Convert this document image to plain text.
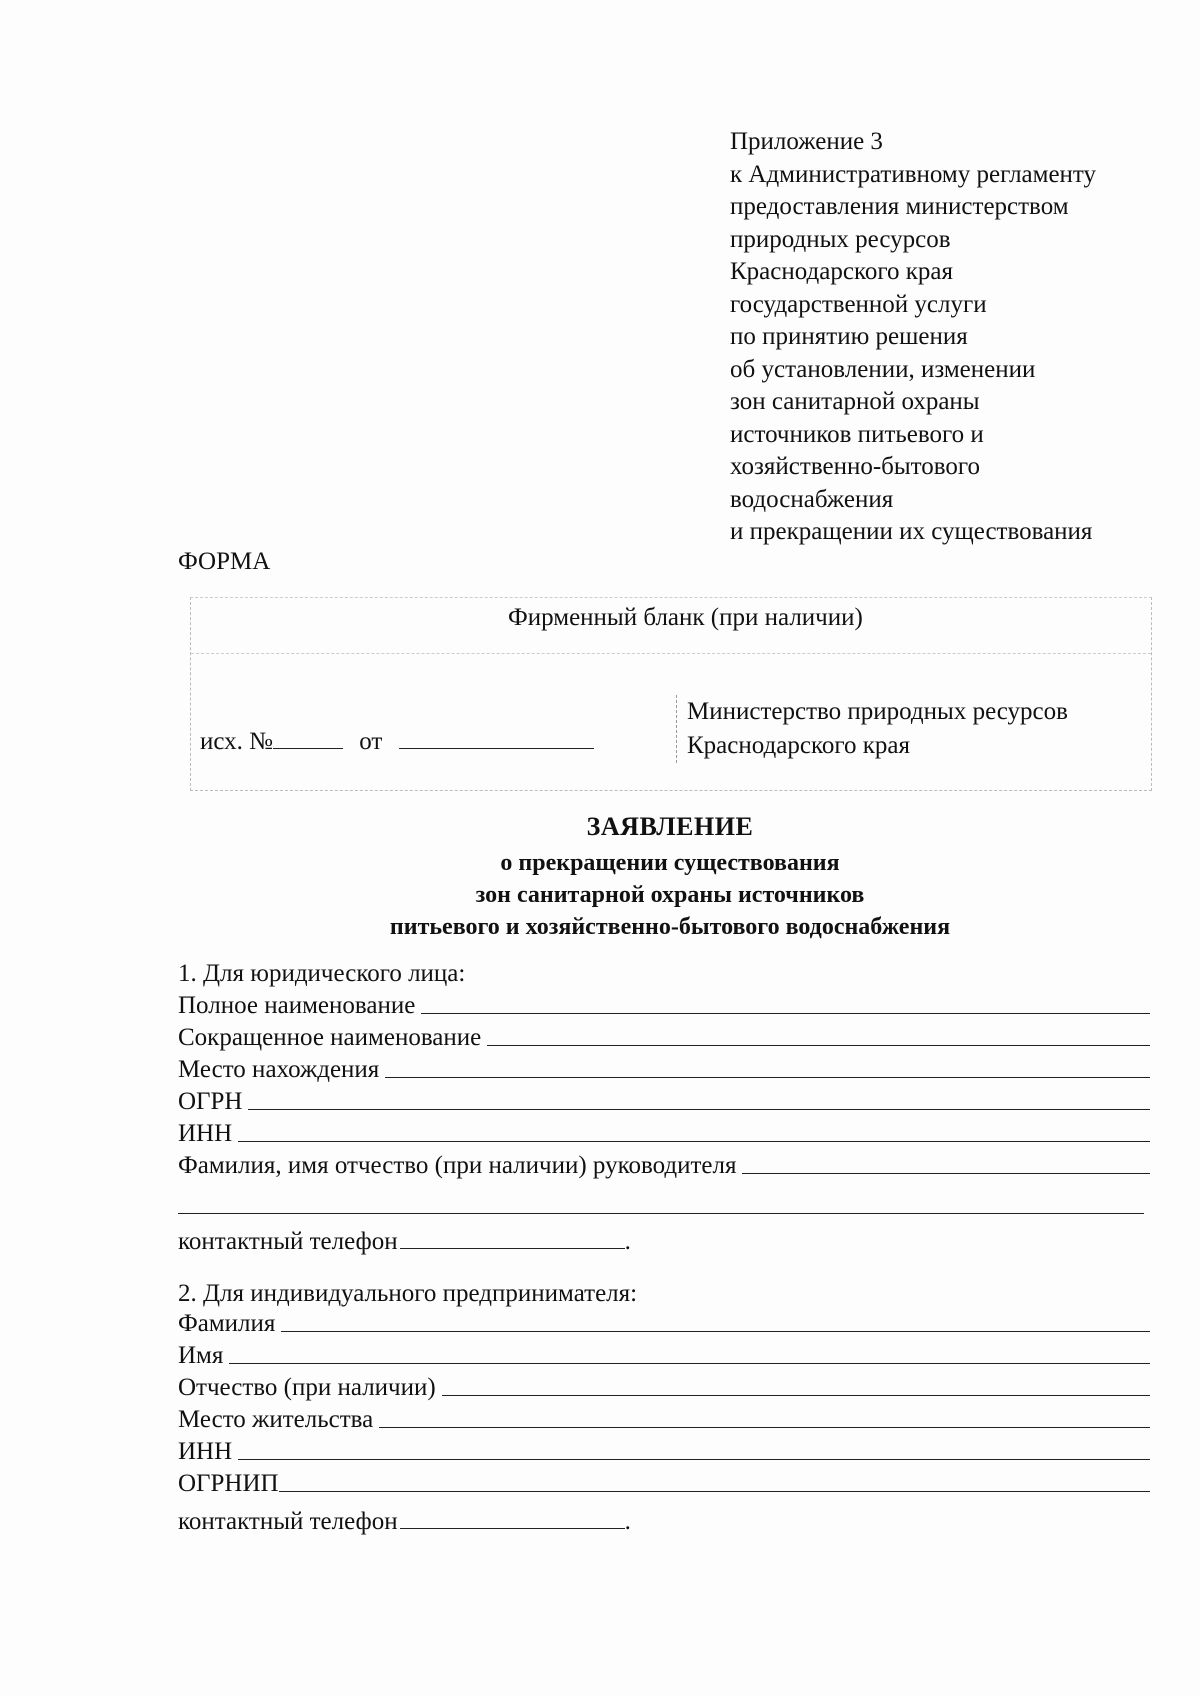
Приложение 3
к Административному регламенту
предоставления министерством
природных ресурсов
Краснодарского края
государственной услуги
по принятию решения
об установлении, изменении
зон санитарной охраны
источников питьевого и
хозяйственно-бытового
водоснабжения
и прекращении их существования
ФОРМА
Фирменный бланк (при наличии)
исх. №	от
Министерство природных ресурсов
Краснодарского края
ЗАЯВЛЕНИЕ
о прекращении существования
зон санитарной охраны источников
питьевого и хозяйственно-бытового водоснабжения
1. Для юридического лица:
Полное наименование
Сокращенное наименование
Место нахождения
ОГРН
ИНН
Фамилия, имя отчество (при наличии) руководителя
контактный телефон	.
2. Для индивидуального предпринимателя:
Фамилия
Имя
Отчество (при наличии)
Место жительства
ИНН
ОГРНИП
контактный телефон	.
